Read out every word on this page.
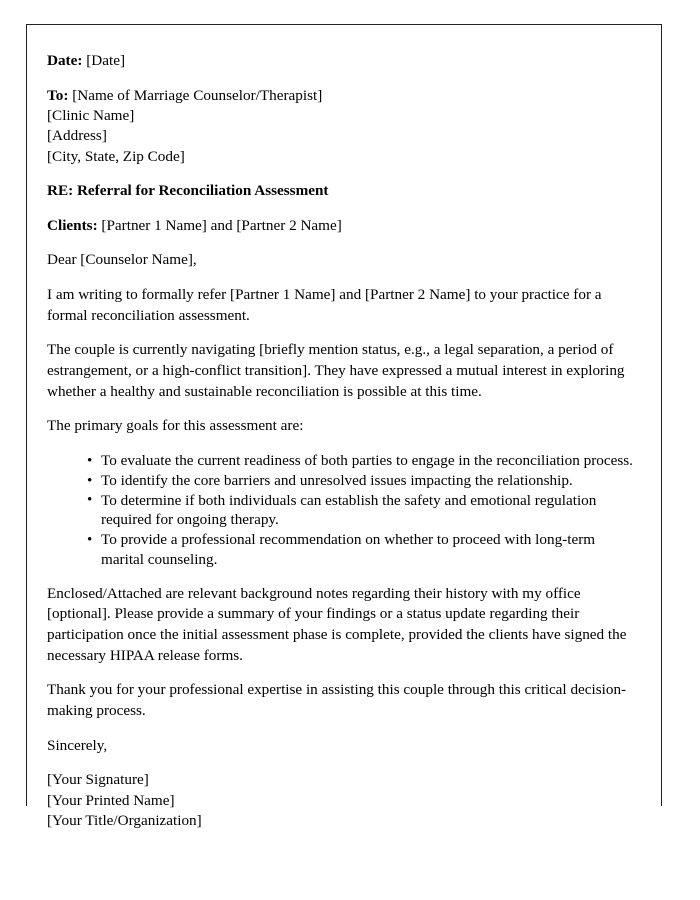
Date: [Date]

To: [Name of Marriage Counselor/Therapist]
[Clinic Name]
[Address]
[City, State, Zip Code]

RE: Referral for Reconciliation Assessment

Clients: [Partner 1 Name] and [Partner 2 Name]

Dear [Counselor Name],

I am writing to formally refer [Partner 1 Name] and [Partner 2 Name] to your practice for a formal reconciliation assessment.

The couple is currently navigating [briefly mention status, e.g., a legal separation, a period of estrangement, or a high-conflict transition]. They have expressed a mutual interest in exploring whether a healthy and sustainable reconciliation is possible at this time.

The primary goals for this assessment are:

• To evaluate the current readiness of both parties to engage in the reconciliation process.
• To identify the core barriers and unresolved issues impacting the relationship.
• To determine if both individuals can establish the safety and emotional regulation required for ongoing therapy.
• To provide a professional recommendation on whether to proceed with long-term marital counseling.

Enclosed/Attached are relevant background notes regarding their history with my office [optional]. Please provide a summary of your findings or a status update regarding their participation once the initial assessment phase is complete, provided the clients have signed the necessary HIPAA release forms.

Thank you for your professional expertise in assisting this couple through this critical decision-making process.

Sincerely,

[Your Signature]
[Your Printed Name]
[Your Title/Organization]
